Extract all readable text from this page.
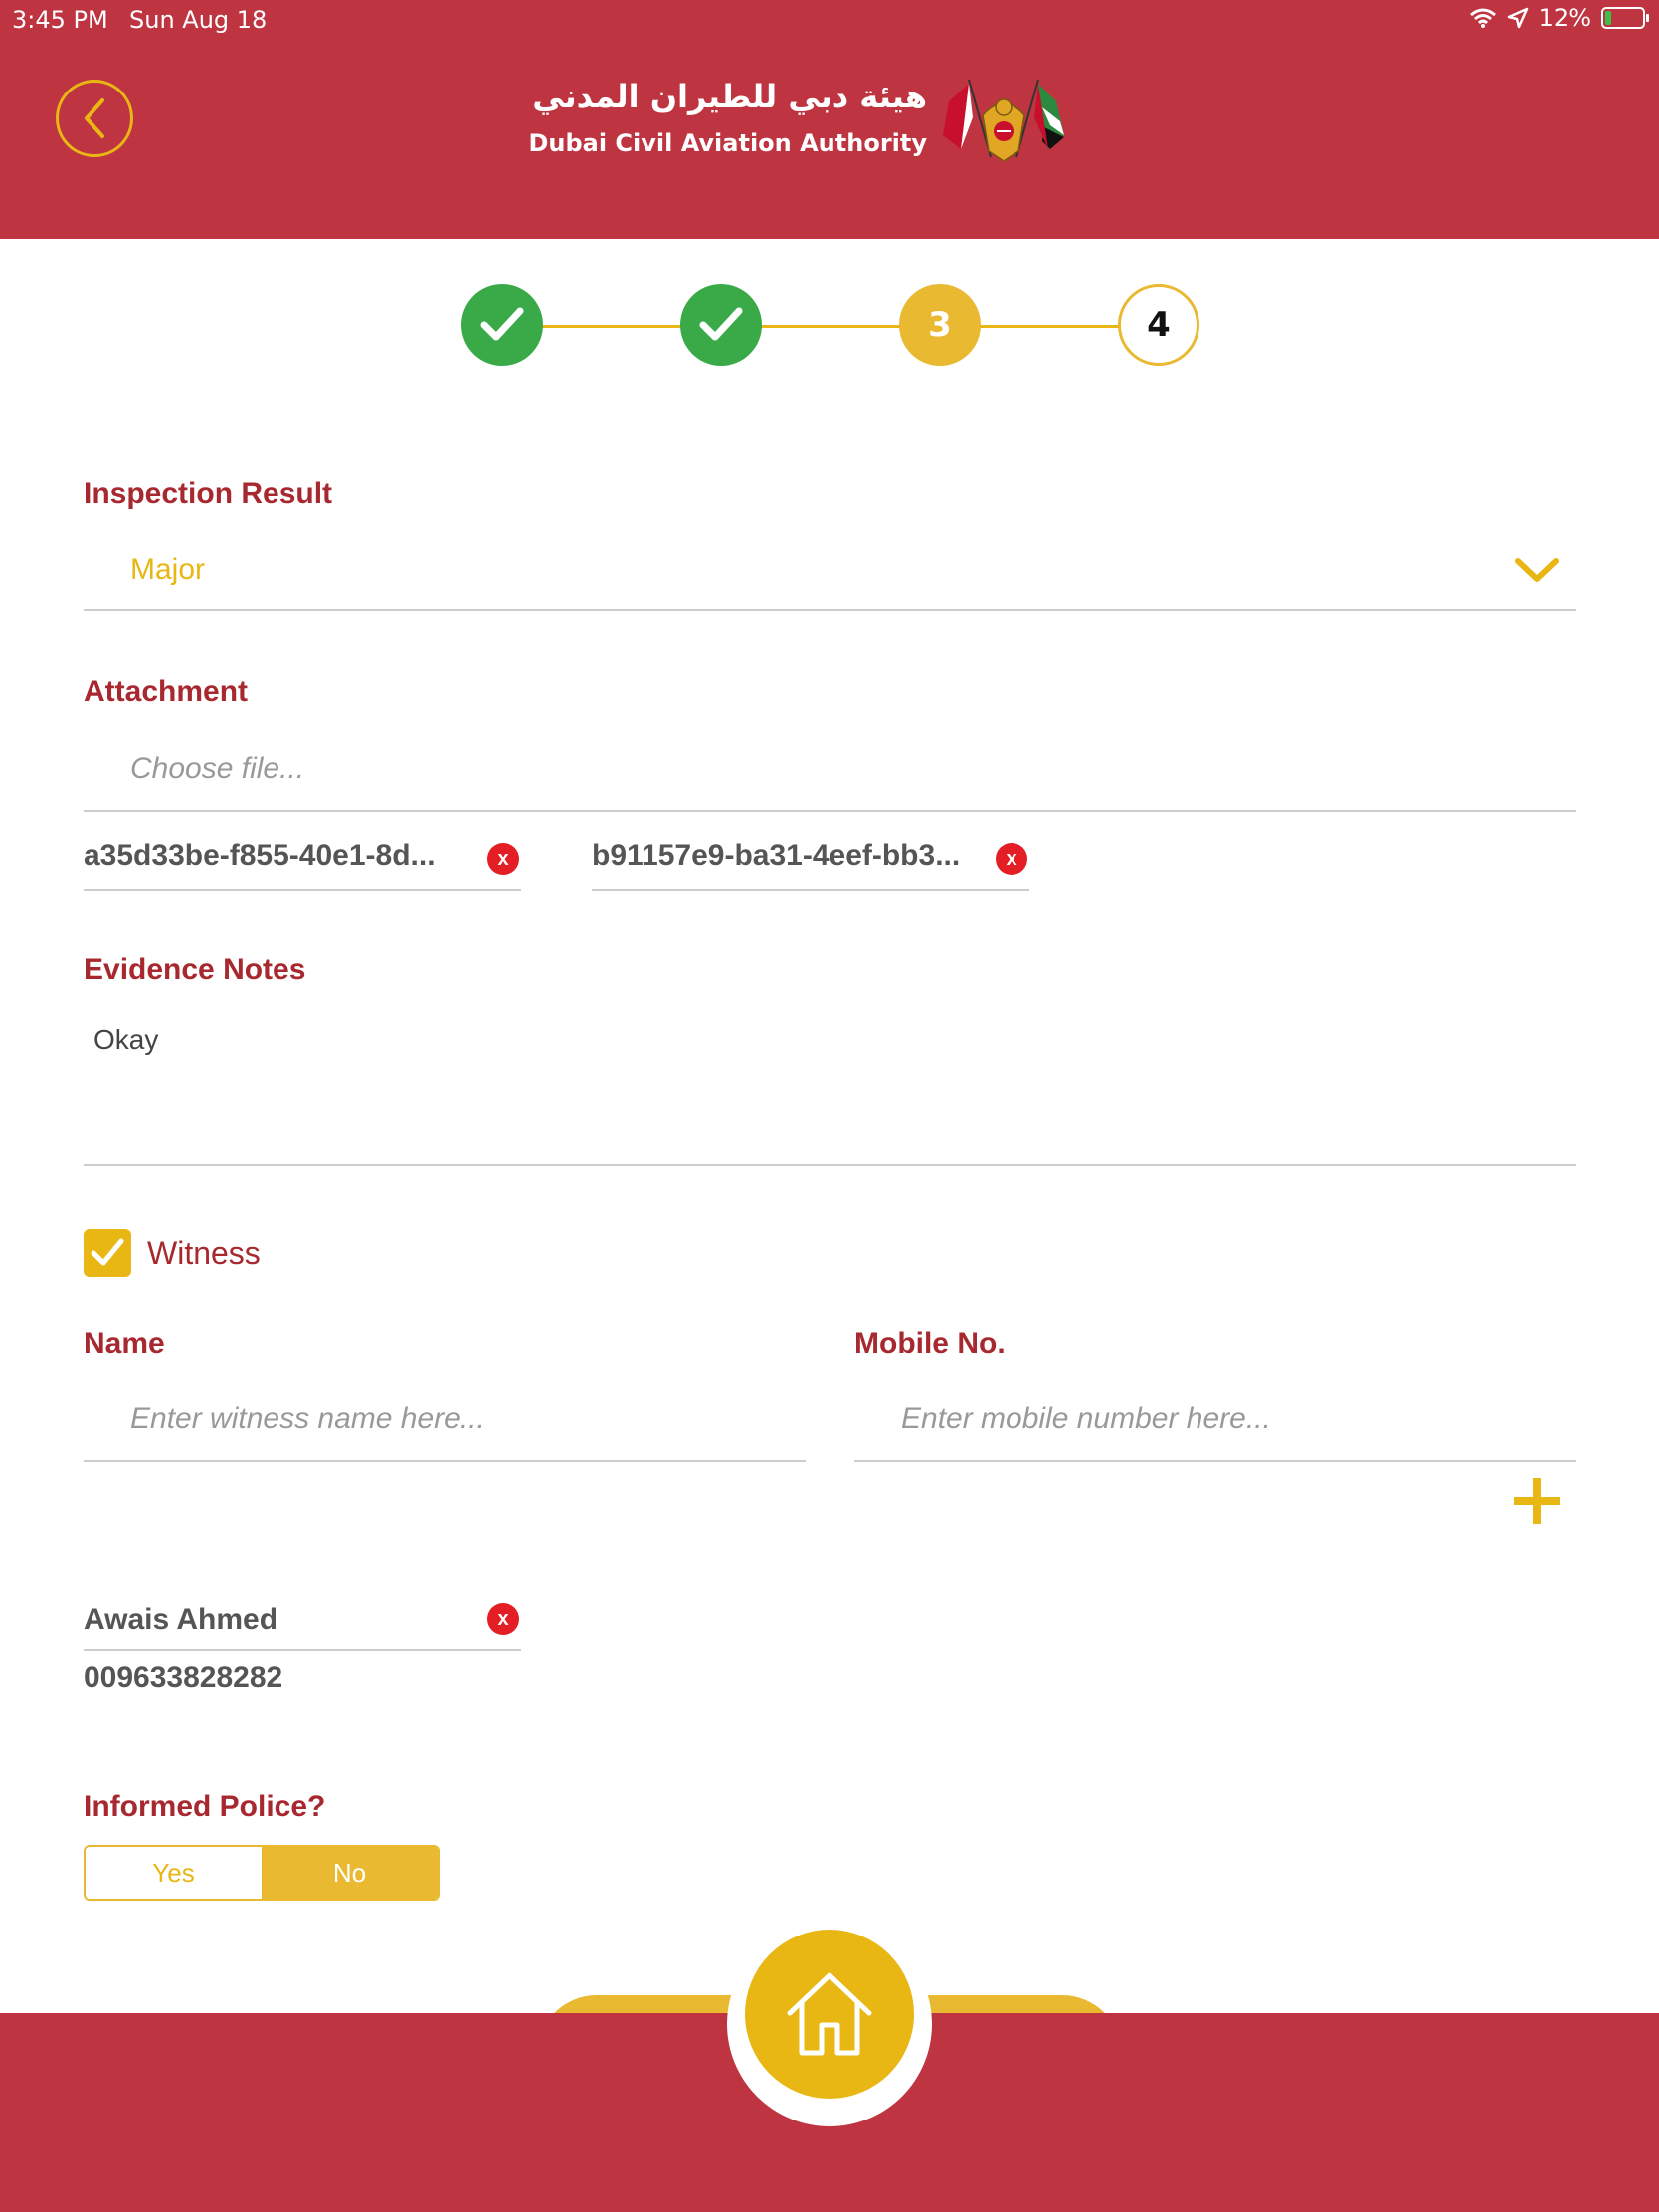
3:45 PM Sun Aug 18	12%
هيئة دبي للطيران المدني
Dubai Civil Aviation Authority
3	4
Inspection Result
Major
Attachment
Choose file...
a35d33be-f855-40e1-8d...	x	b91157e9-ba31-4eef-bb3...	x
Evidence Notes
Okay
Witness
Name
Enter witness name here...
Mobile No.
Enter mobile number here...
Awais Ahmed	x
009633828282
Informed Police?
Yes	No
